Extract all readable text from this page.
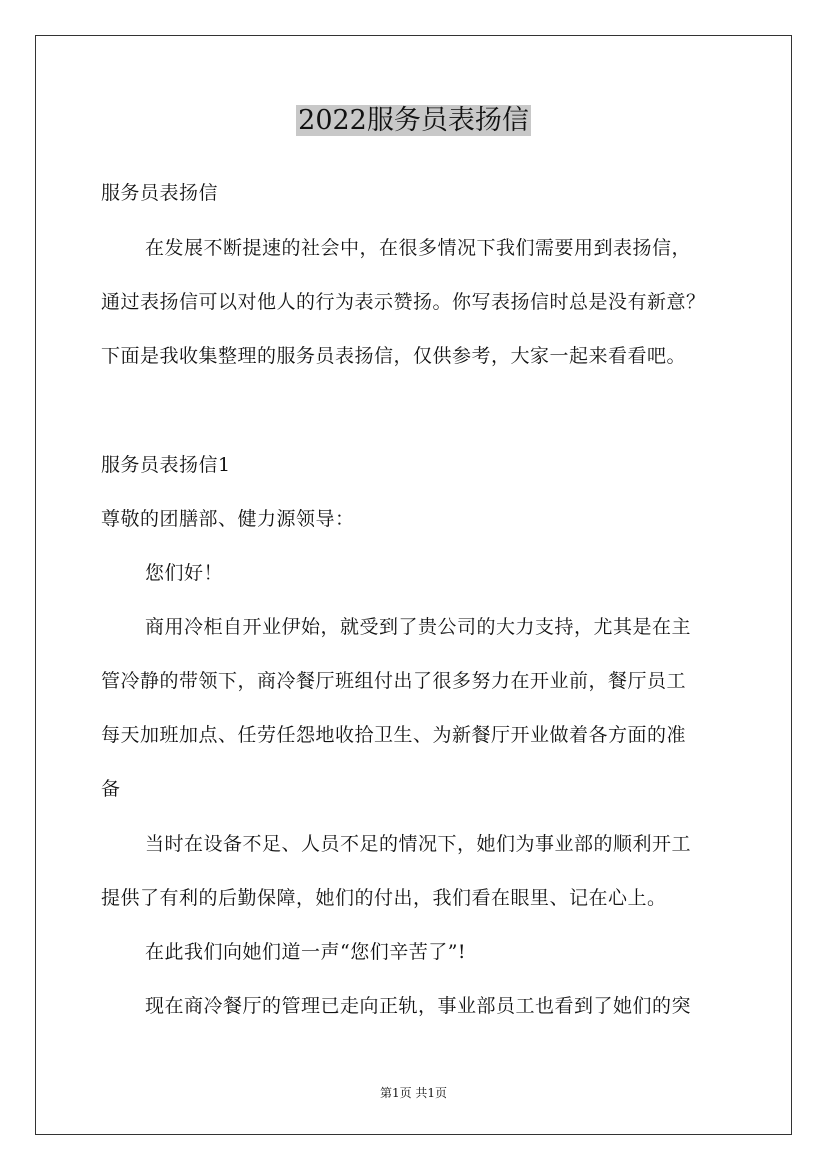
2022服务员表扬信
服务员表扬信
在发展不断提速的社会中，在很多情况下我们需要用到表扬信，
通过表扬信可以对他人的行为表示赞扬。你写表扬信时总是没有新意？
下面是我收集整理的服务员表扬信，仅供参考，大家一起来看看吧。
服务员表扬信1
尊敬的团膳部、健力源领导：
您们好！
商用冷柜自开业伊始，就受到了贵公司的大力支持，尤其是在主
管冷静的带领下，商冷餐厅班组付出了很多努力在开业前，餐厅员工
每天加班加点、任劳任怨地收拾卫生、为新餐厅开业做着各方面的准
备
当时在设备不足、人员不足的情况下，她们为事业部的顺利开工
提供了有利的后勤保障，她们的付出，我们看在眼里、记在心上。
在此我们向她们道一声“您们辛苦了”!
现在商冷餐厅的管理已走向正轨，事业部员工也看到了她们的突
第1页 共1页
